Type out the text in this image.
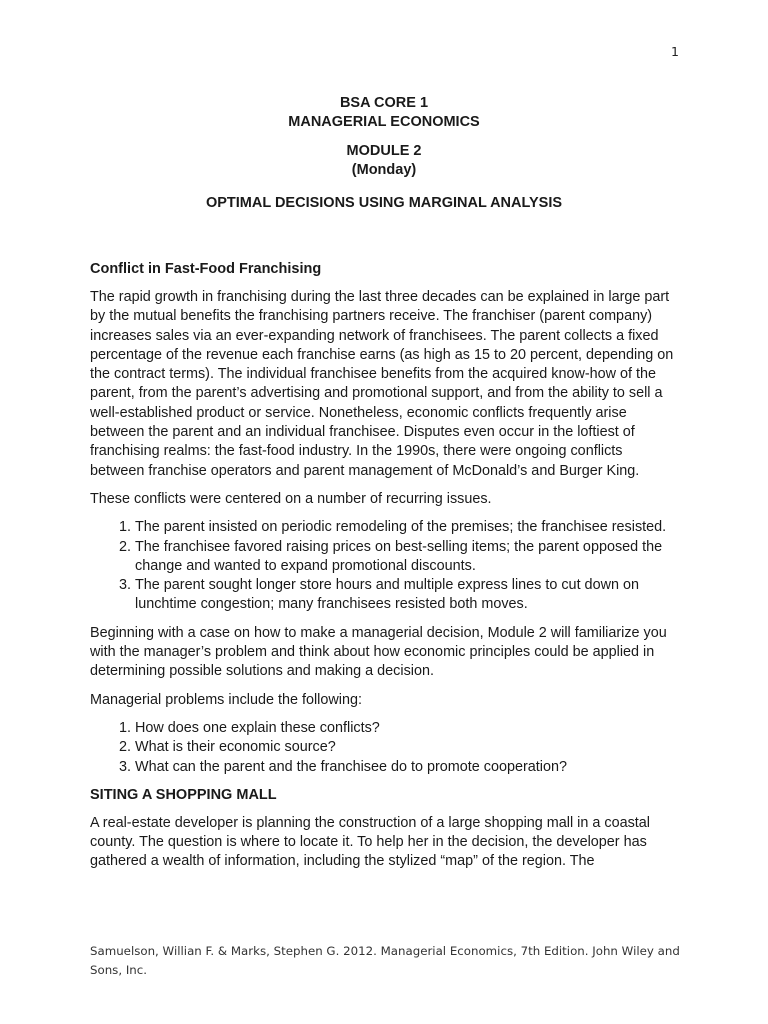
1
BSA CORE 1
MANAGERIAL ECONOMICS
MODULE 2
(Monday)
OPTIMAL DECISIONS USING MARGINAL ANALYSIS
Conflict in Fast-Food Franchising

The rapid growth in franchising during the last three decades can be explained in large part by the mutual benefits the franchising partners receive. The franchiser (parent company) increases sales via an ever-expanding network of franchisees. The parent collects a fixed percentage of the revenue each franchise earns (as high as 15 to 20 percent, depending on the contract terms). The individual franchisee benefits from the acquired know-how of the parent, from the parent’s advertising and promotional support, and from the ability to sell a well-established product or service. Nonetheless, economic conflicts frequently arise between the parent and an individual franchisee. Disputes even occur in the loftiest of franchising realms: the fast-food industry. In the 1990s, there were ongoing conflicts between franchise operators and parent management of McDonald’s and Burger King.

These conflicts were centered on a number of recurring issues.

1. The parent insisted on periodic remodeling of the premises; the franchisee resisted.
2. The franchisee favored raising prices on best-selling items; the parent opposed the change and wanted to expand promotional discounts.
3. The parent sought longer store hours and multiple express lines to cut down on lunchtime congestion; many franchisees resisted both moves.

Beginning with a case on how to make a managerial decision, Module 2 will familiarize you with the manager’s problem and think about how economic principles could be applied in determining possible solutions and making a decision.

Managerial problems include the following:

1. How does one explain these conflicts?
2. What is their economic source?
3. What can the parent and the franchisee do to promote cooperation?
SITING A SHOPPING MALL

A real-estate developer is planning the construction of a large shopping mall in a coastal county. The question is where to locate it. To help her in the decision, the developer has gathered a wealth of information, including the stylized “map” of the region. The

Samuelson, Willian F. & Marks, Stephen G. 2012. Managerial Economics, 7th Edition. John Wiley and Sons, Inc.
